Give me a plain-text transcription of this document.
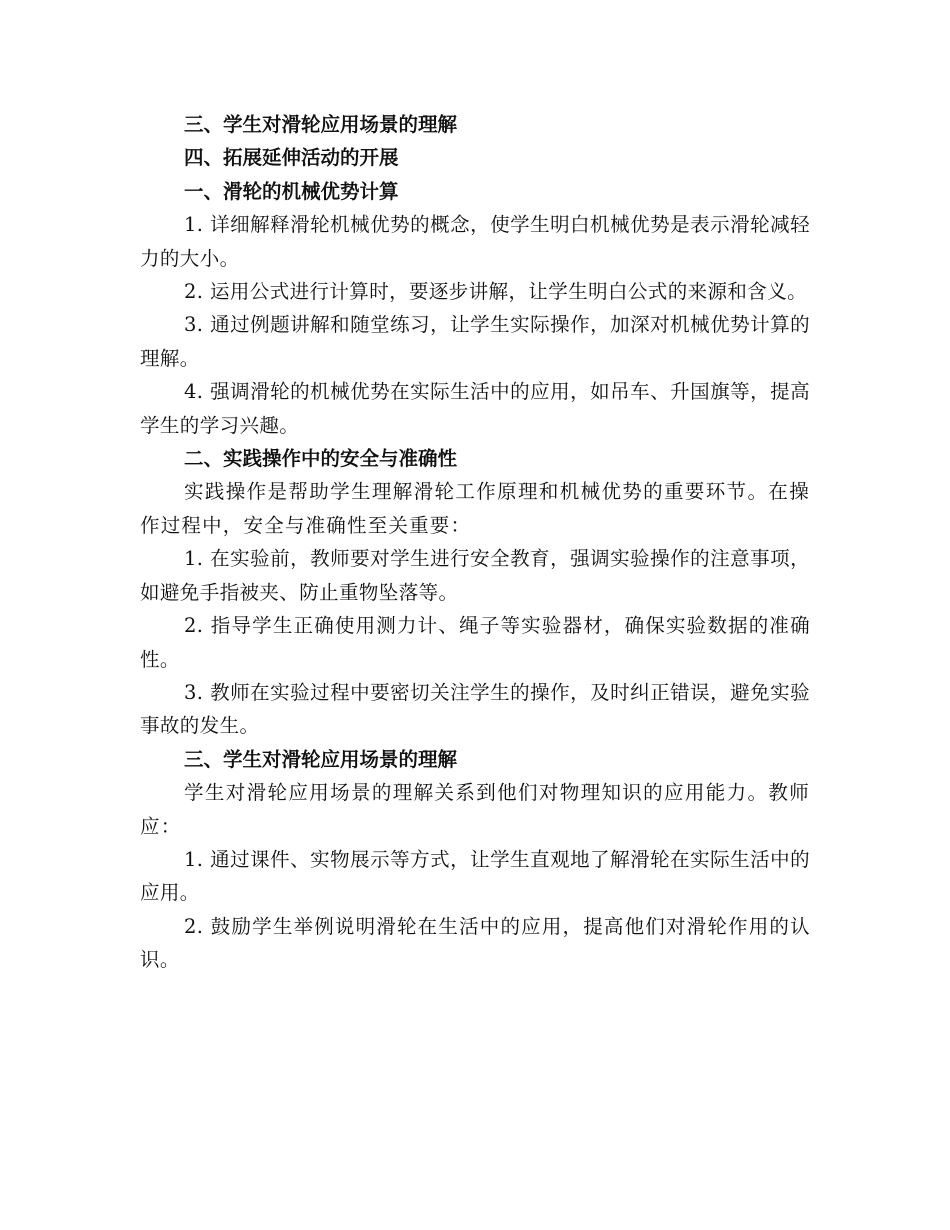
三、学生对滑轮应用场景的理解

四、拓展延伸活动的开展

一、滑轮的机械优势计算

1. 详细解释滑轮机械优势的概念，使学生明白机械优势是表示滑轮减轻力的大小。

2. 运用公式进行计算时，要逐步讲解，让学生明白公式的来源和含义。

3. 通过例题讲解和随堂练习，让学生实际操作，加深对机械优势计算的理解。

4. 强调滑轮的机械优势在实际生活中的应用，如吊车、升国旗等，提高学生的学习兴趣。

二、实践操作中的安全与准确性

实践操作是帮助学生理解滑轮工作原理和机械优势的重要环节。在操作过程中，安全与准确性至关重要：

1. 在实验前，教师要对学生进行安全教育，强调实验操作的注意事项，如避免手指被夹、防止重物坠落等。

2. 指导学生正确使用测力计、绳子等实验器材，确保实验数据的准确性。

3. 教师在实验过程中要密切关注学生的操作，及时纠正错误，避免实验事故的发生。

三、学生对滑轮应用场景的理解

学生对滑轮应用场景的理解关系到他们对物理知识的应用能力。教师应：

1. 通过课件、实物展示等方式，让学生直观地了解滑轮在实际生活中的应用。

2. 鼓励学生举例说明滑轮在生活中的应用，提高他们对滑轮作用的认识。
